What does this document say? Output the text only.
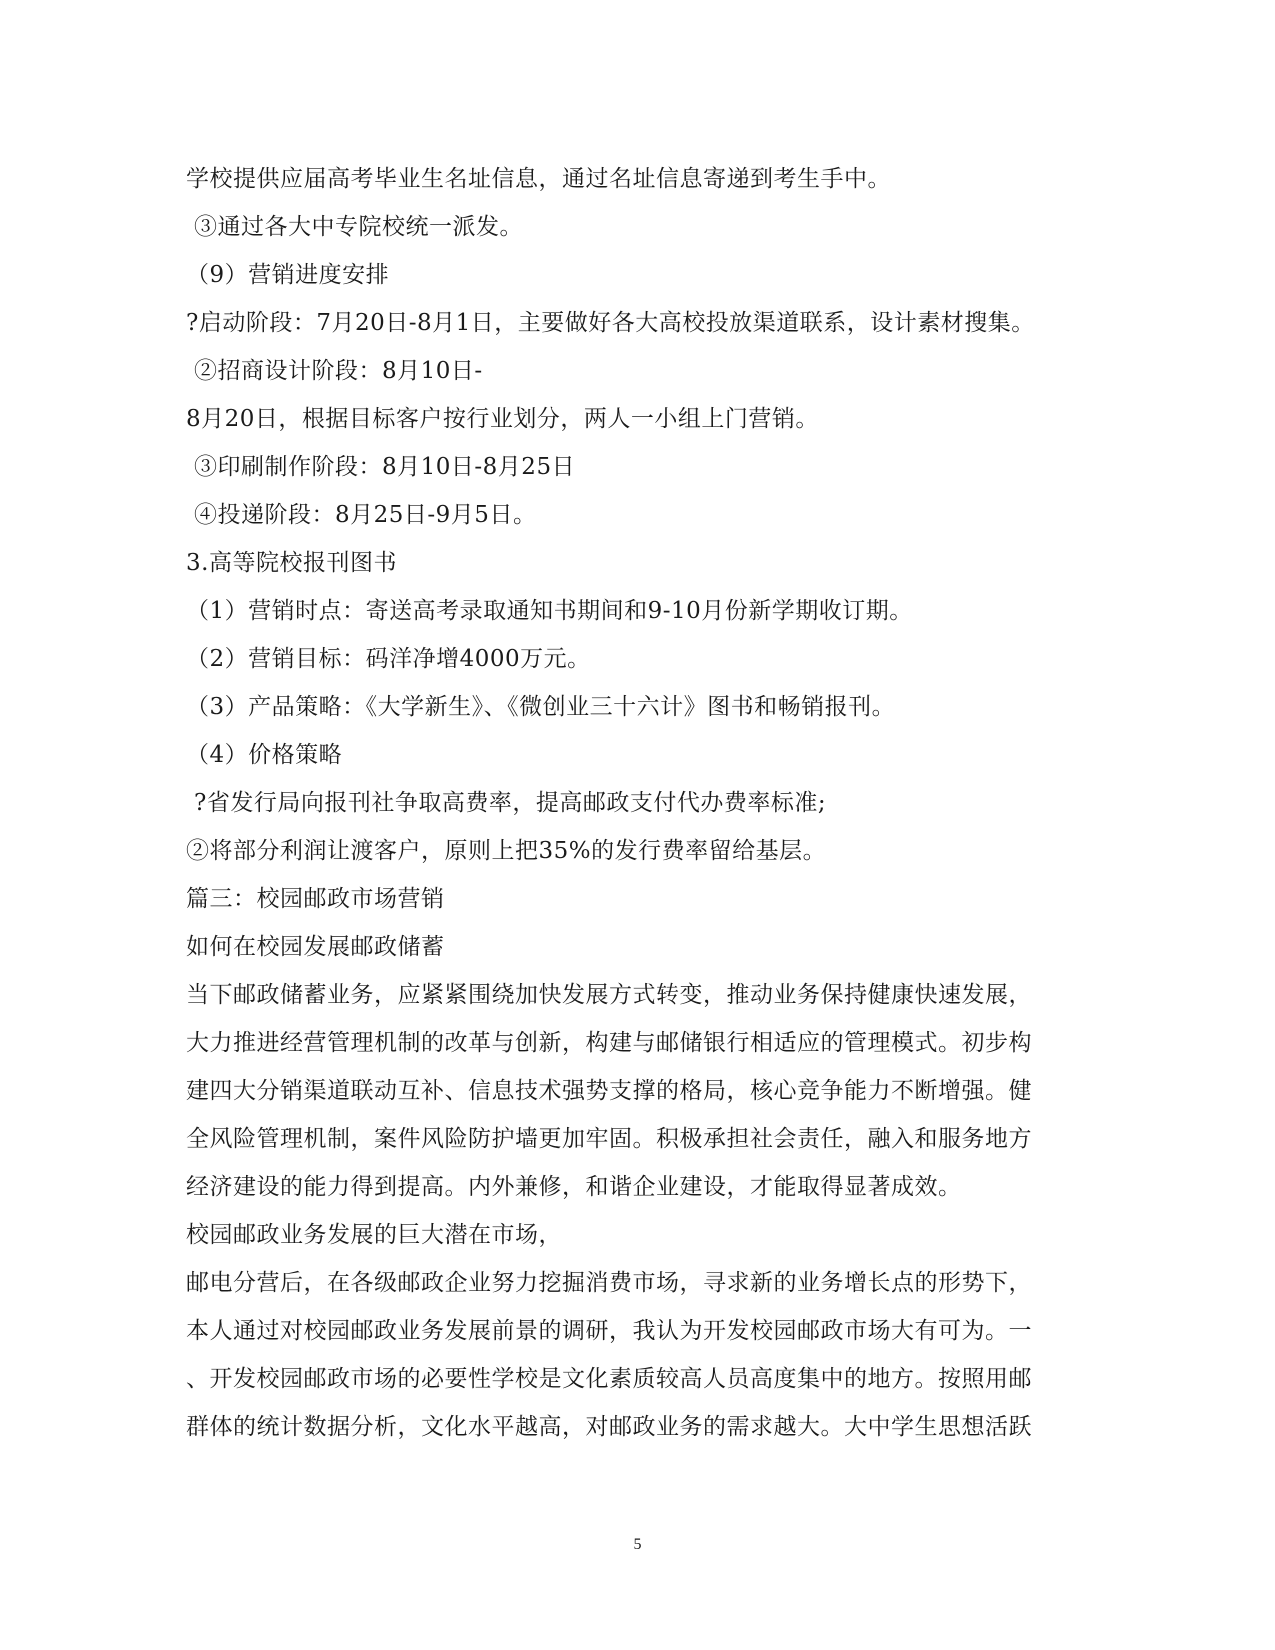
学校提供应届高考毕业生名址信息，通过名址信息寄递到考生手中。
③通过各大中专院校统一派发。
（9）营销进度安排
?启动阶段：7月20日-8月1日，主要做好各大高校投放渠道联系，设计素材搜集。
②招商设计阶段：8月10日-
8月20日，根据目标客户按行业划分，两人一小组上门营销。
③印刷制作阶段：8月10日-8月25日
④投递阶段：8月25日-9月5日。
3.高等院校报刊图书
（1）营销时点：寄送高考录取通知书期间和9-10月份新学期收订期。
（2）营销目标：码洋净增4000万元。
（3）产品策略：《大学新生》、《微创业三十六计》图书和畅销报刊。
（4）价格策略
?省发行局向报刊社争取高费率，提高邮政支付代办费率标准;
②将部分利润让渡客户，原则上把35%的发行费率留给基层。
篇三：校园邮政市场营销
如何在校园发展邮政储蓄
当下邮政储蓄业务，应紧紧围绕加快发展方式转变，推动业务保持健康快速发展，
大力推进经营管理机制的改革与创新，构建与邮储银行相适应的管理模式。初步构
建四大分销渠道联动互补、信息技术强势支撑的格局，核心竞争能力不断增强。健
全风险管理机制，案件风险防护墙更加牢固。积极承担社会责任，融入和服务地方
经济建设的能力得到提高。内外兼修，和谐企业建设，才能取得显著成效。
校园邮政业务发展的巨大潜在市场，
邮电分营后，在各级邮政企业努力挖掘消费市场，寻求新的业务增长点的形势下，
本人通过对校园邮政业务发展前景的调研，我认为开发校园邮政市场大有可为。一
、开发校园邮政市场的必要性学校是文化素质较高人员高度集中的地方。按照用邮
群体的统计数据分析，文化水平越高，对邮政业务的需求越大。大中学生思想活跃
5
